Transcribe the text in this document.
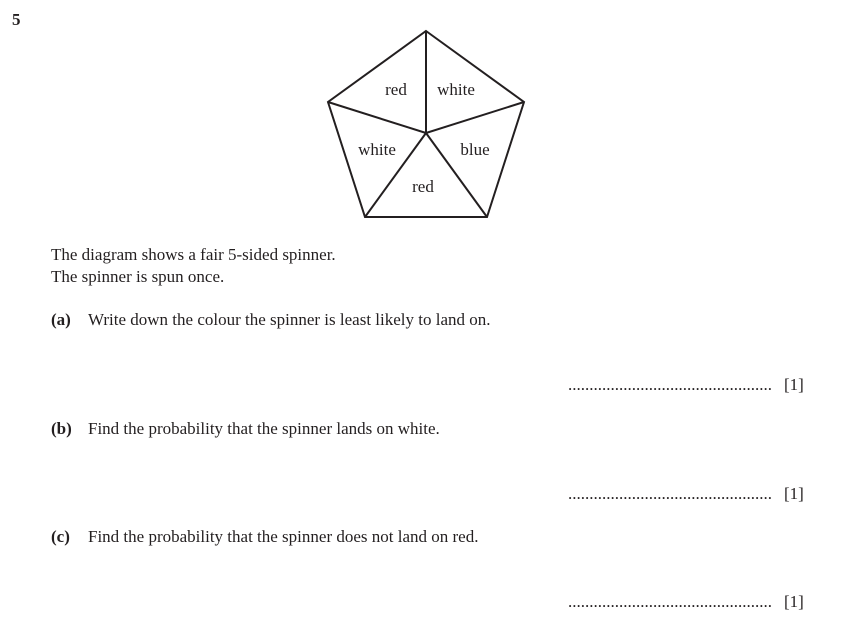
5
red white
blue
red
white
The diagram shows a fair 5-sided spinner.
The spinner is spun once.
(a) Write down the colour the spinner is least likely to land on.
................................................ [1]
(b) Find the probability that the spinner lands on white.
................................................ [1]
(c) Find the probability that the spinner does not land on red.
................................................ [1]
